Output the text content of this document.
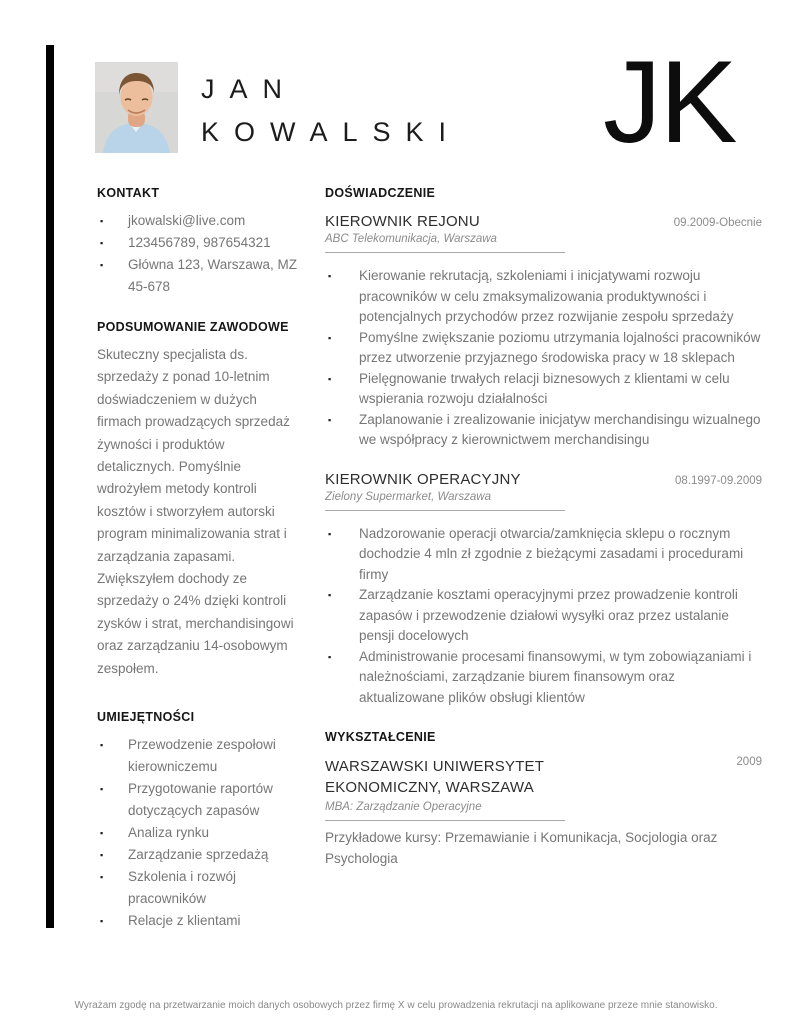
JAN
KOWALSKI JK
KONTAKT
▪ jkowalski@live.com
▪ 123456789, 987654321
▪ Główna 123, Warszawa, MZ 45-678
PODSUMOWANIE ZAWODOWE

Skuteczny specjalista ds. sprzedaży z ponad 10-letnim doświadczeniem w dużych firmach prowadzących sprzedaż żywności i produktów detalicznych. Pomyślnie wdrożyłem metody kontroli kosztów i stworzyłem autorski program minimalizowania strat i zarządzania zapasami. Zwiększyłem dochody ze sprzedaży o 24% dzięki kontroli zysków i strat, merchandisingowi oraz zarządzaniu 14-osobowym zespołem.

UMIEJĘTNOŚCI
▪ Przewodzenie zespołowi kierowniczemu
▪ Przygotowanie raportów dotyczących zapasów
▪ Analiza rynku
▪ Zarządzanie sprzedażą
▪ Szkolenia i rozwój pracowników
▪ Relacje z klientami
DOŚWIADCZENIE
KIEROWNIK REJONU	09.2009-Obecnie
ABC Telekomunikacja, Warszawa
▪ Kierowanie rekrutacją, szkoleniami i inicjatywami rozwoju pracowników w celu zmaksymalizowania produktywności i potencjalnych przychodów przez rozwijanie zespołu sprzedaży
▪ Pomyślne zwiększanie poziomu utrzymania lojalności pracowników przez utworzenie przyjaznego środowiska pracy w 18 sklepach
▪ Pielęgnowanie trwałych relacji biznesowych z klientami w celu wspierania rozwoju działalności
▪ Zaplanowanie i zrealizowanie inicjatyw merchandisingu wizualnego we współpracy z kierownictwem merchandisingu
KIEROWNIK OPERACYJNY	08.1997-09.2009
Zielony Supermarket, Warszawa
▪ Nadzorowanie operacji otwarcia/zamknięcia sklepu o rocznym dochodzie 4 mln zł zgodnie z bieżącymi zasadami i procedurami firmy
▪ Zarządzanie kosztami operacyjnymi przez prowadzenie kontroli zapasów i przewodzenie działowi wysyłki oraz przez ustalanie pensji docelowych
▪ Administrowanie procesami finansowymi, w tym zobowiązaniami i należnościami, zarządzanie biurem finansowym oraz aktualizowane plików obsługi klientów
WYKSZTAŁCENIE
WARSZAWSKI UNIWERSYTET EKONOMICZNY, WARSZAWA
2009
MBA: Zarządzanie Operacyjne

Przykładowe kursy: Przemawianie i Komunikacja, Socjologia oraz Psychologia

Wyrażam zgodę na przetwarzanie moich danych osobowych przez firmę X w celu prowadzenia rekrutacji na aplikowane przeze mnie stanowisko.
